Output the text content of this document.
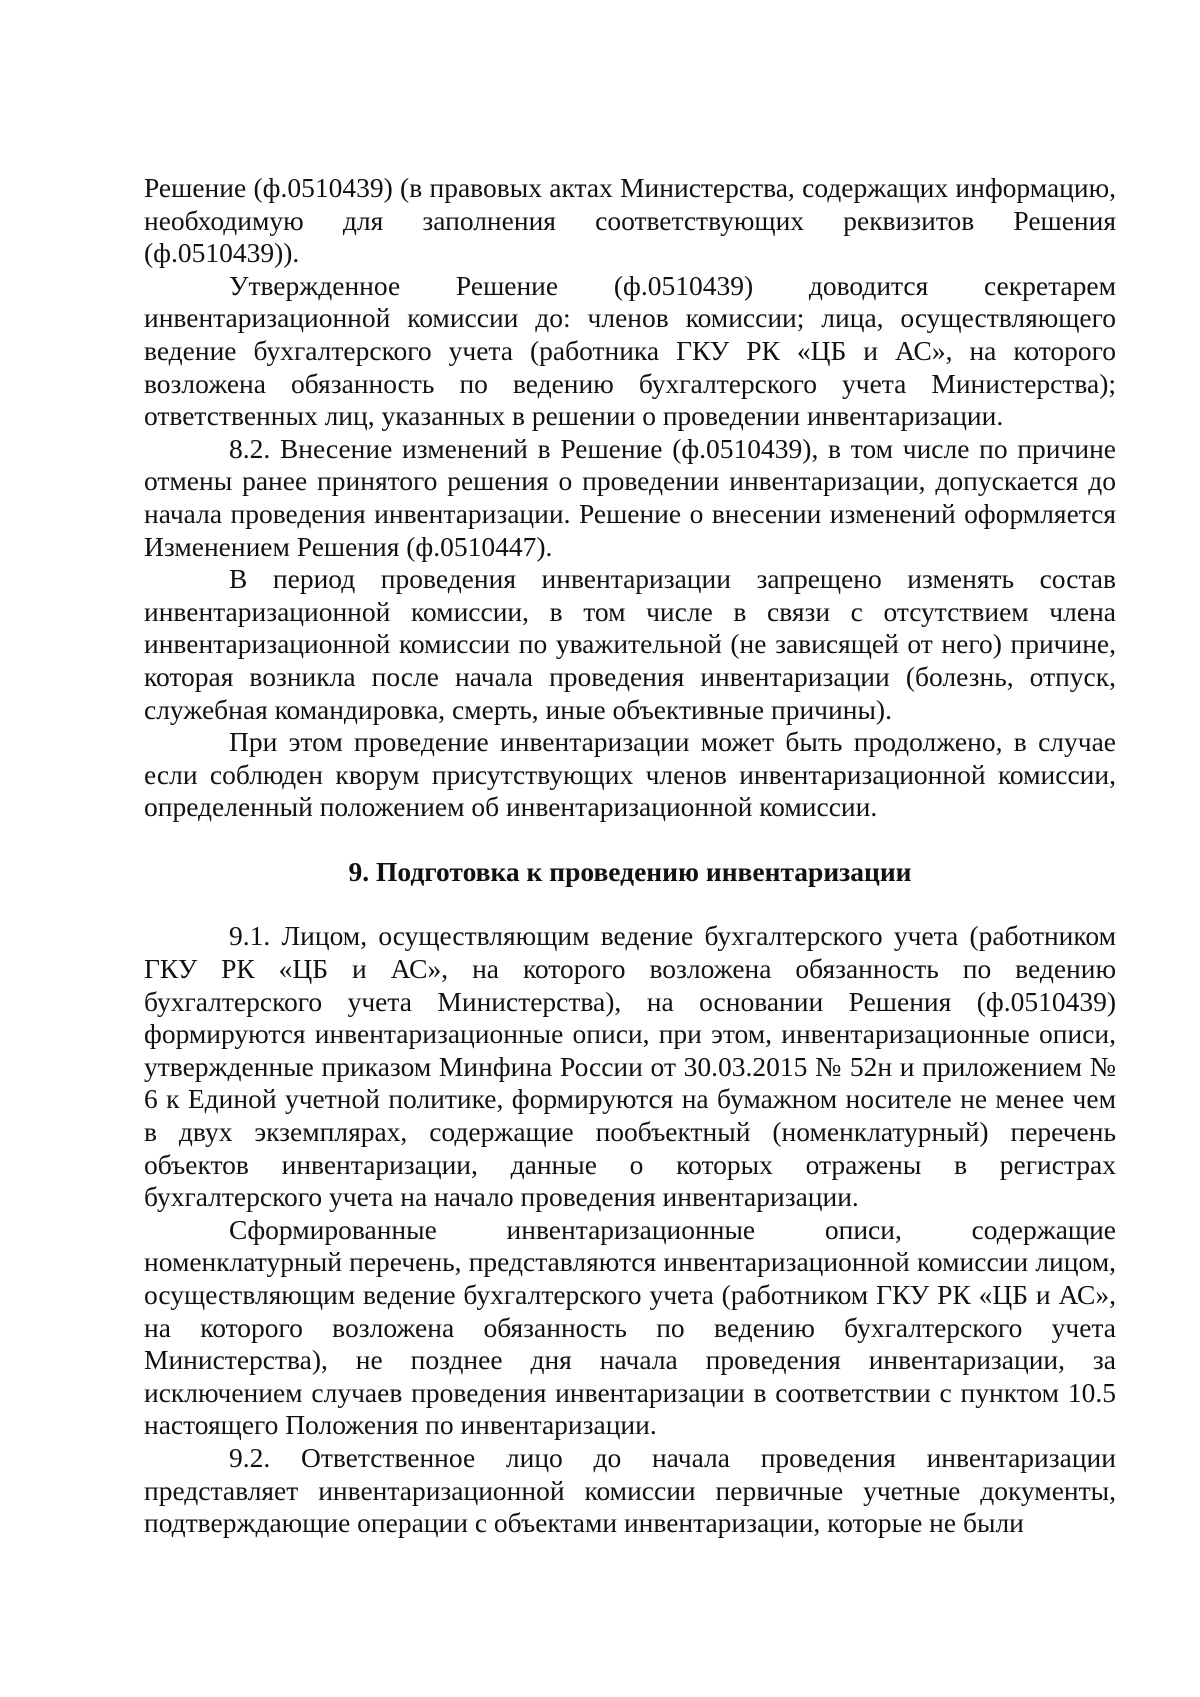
Решение (ф.0510439) (в правовых актах Министерства, содержащих информацию, необходимую для заполнения соответствующих реквизитов Решения (ф.0510439)).

Утвержденное Решение (ф.0510439) доводится секретарем инвентаризационной комиссии до: членов комиссии; лица, осуществляющего ведение бухгалтерского учета (работника ГКУ РК «ЦБ и АС», на которого возложена обязанность по ведению бухгалтерского учета Министерства); ответственных лиц, указанных в решении о проведении инвентаризации.

8.2. Внесение изменений в Решение (ф.0510439), в том числе по причине отмены ранее принятого решения о проведении инвентаризации, допускается до начала проведения инвентаризации. Решение о внесении изменений оформляется Изменением Решения (ф.0510447).

В период проведения инвентаризации запрещено изменять состав инвентаризационной комиссии, в том числе в связи с отсутствием члена инвентаризационной комиссии по уважительной (не зависящей от него) причине, которая возникла после начала проведения инвентаризации (болезнь, отпуск, служебная командировка, смерть, иные объективные причины).

При этом проведение инвентаризации может быть продолжено, в случае если соблюден кворум присутствующих членов инвентаризационной комиссии, определенный положением об инвентаризационной комиссии.

9. Подготовка к проведению инвентаризации

9.1. Лицом, осуществляющим ведение бухгалтерского учета (работником ГКУ РК «ЦБ и АС», на которого возложена обязанность по ведению бухгалтерского учета Министерства), на основании Решения (ф.0510439) формируются инвентаризационные описи, при этом, инвентаризационные описи, утвержденные приказом Минфина России от 30.03.2015 № 52н и приложением № 6 к Единой учетной политике, формируются на бумажном носителе не менее чем в двух экземплярах, содержащие пообъектный (номенклатурный) перечень объектов инвентаризации, данные о которых отражены в регистрах бухгалтерского учета на начало проведения инвентаризации.

Сформированные инвентаризационные описи, содержащие номенклатурный перечень, представляются инвентаризационной комиссии лицом, осуществляющим ведение бухгалтерского учета (работником ГКУ РК «ЦБ и АС», на которого возложена обязанность по ведению бухгалтерского учета Министерства), не позднее дня начала проведения инвентаризации, за исключением случаев проведения инвентаризации в соответствии с пунктом 10.5 настоящего Положения по инвентаризации.

9.2. Ответственное лицо до начала проведения инвентаризации представляет инвентаризационной комиссии первичные учетные документы, подтверждающие операции с объектами инвентаризации, которые не были
